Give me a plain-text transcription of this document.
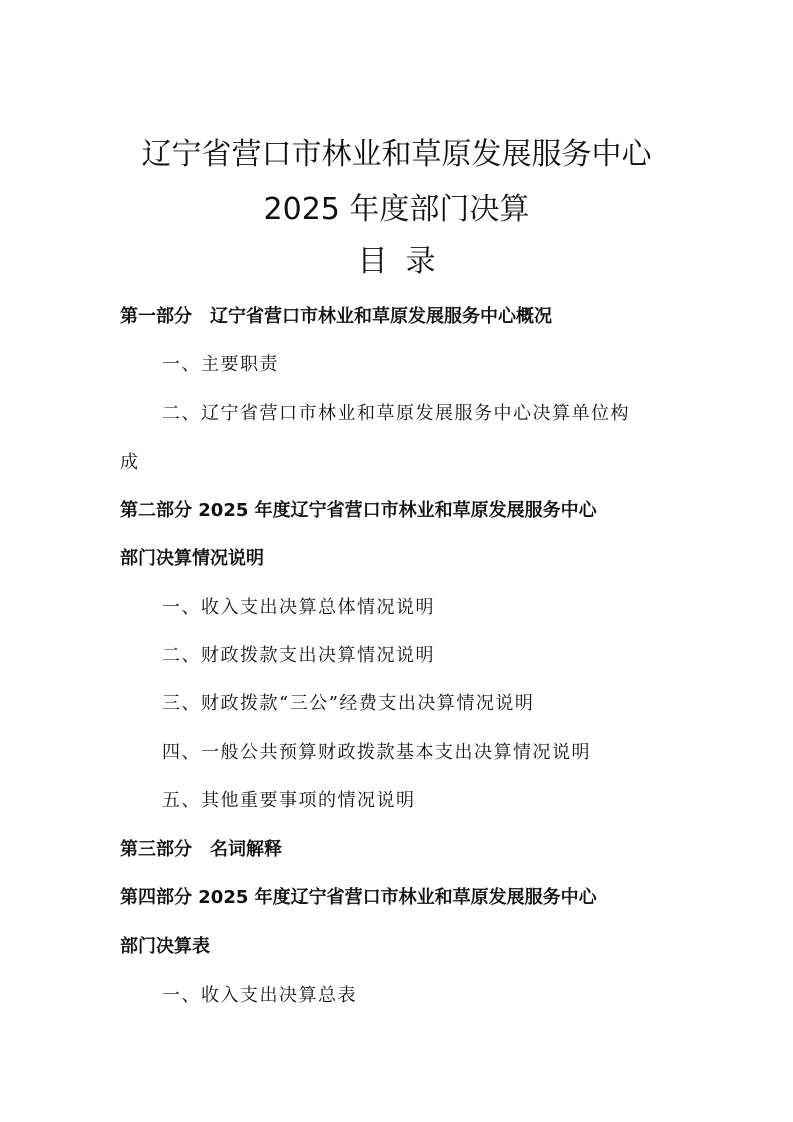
辽宁省营口市林业和草原发展服务中心
2025 年度部门决算
目录
第一部分　辽宁省营口市林业和草原发展服务中心概况
一、主要职责
二、辽宁省营口市林业和草原发展服务中心决算单位构
成
第二部分 2025 年度辽宁省营口市林业和草原发展服务中心
部门决算情况说明
一、收入支出决算总体情况说明
二、财政拨款支出决算情况说明
三、财政拨款“三公”经费支出决算情况说明
四、一般公共预算财政拨款基本支出决算情况说明
五、其他重要事项的情况说明
第三部分　名词解释
第四部分 2025 年度辽宁省营口市林业和草原发展服务中心
部门决算表
一、收入支出决算总表
